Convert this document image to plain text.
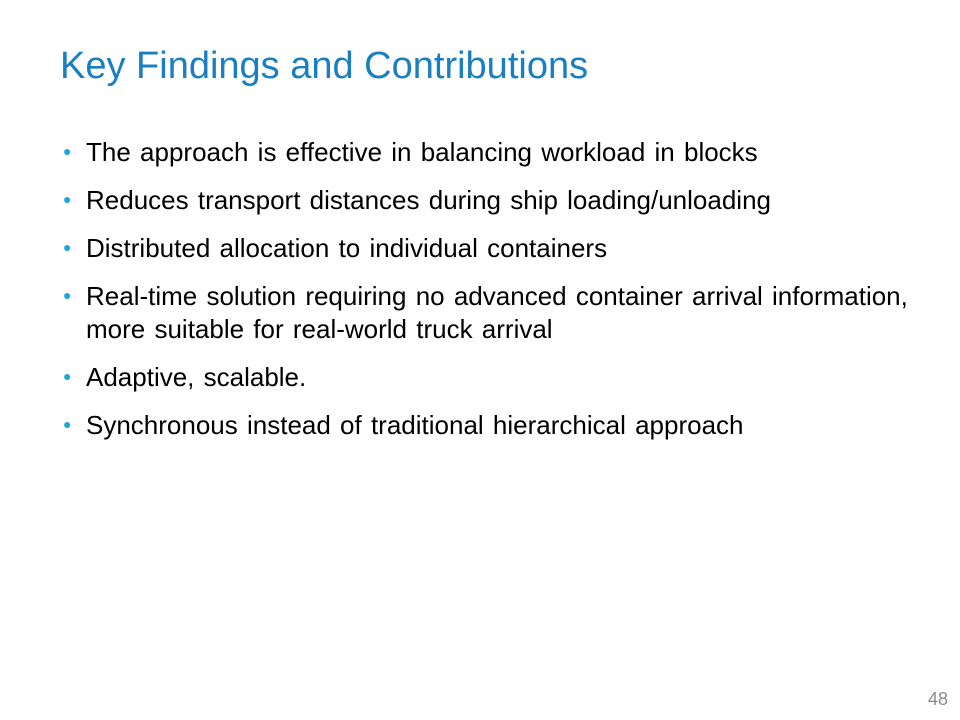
Key Findings and Contributions
● The approach is effective in balancing workload in blocks
● Reduces transport distances during ship loading/unloading
● Distributed allocation to individual containers
● Real-time solution requiring no advanced container arrival information, more suitable for real-world truck arrival
● Adaptive, scalable.
● Synchronous instead of traditional hierarchical approach
48
